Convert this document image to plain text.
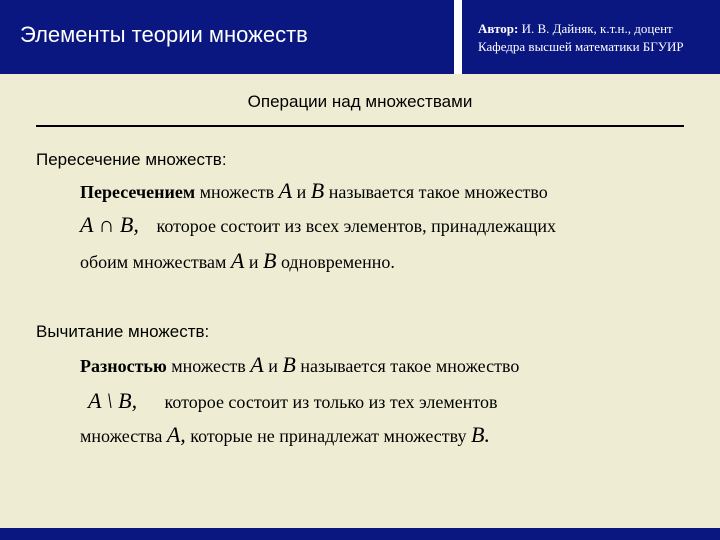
Элементы теории множеств	Автор: И. В. Дайняк, к.т.н., доцент
Кафедра высшей математики БГУИР
Операции над множествами
Пересечение множеств:
Пересечением множеств A и B называется такое множество
A ∩ B, которое состоит из всех элементов, принадлежащих
обоим множествам A и B одновременно.
Вычитание множеств:
Разностью множеств A и B называется такое множество
A \ B, которое состоит из только из тех элементов
множества A, которые не принадлежат множеству B.
